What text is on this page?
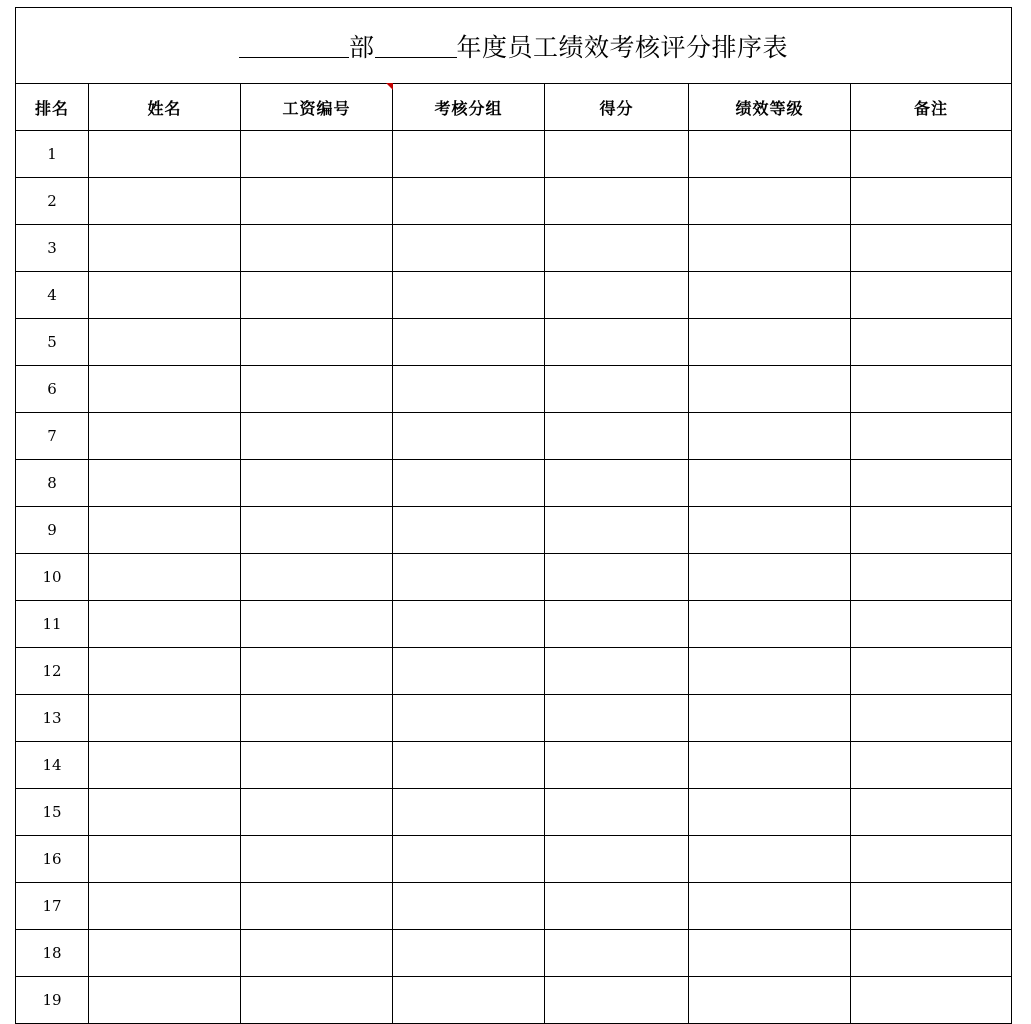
部 年度员工绩效考核评分排序表						
排名	姓名	工资编号	考核分组	得分	绩效等级	备注
1						
2						
3						
4						
5						
6						
7						
8						
9						
10						
11						
12						
13						
14						
15						
16						
17						
18						
19						
